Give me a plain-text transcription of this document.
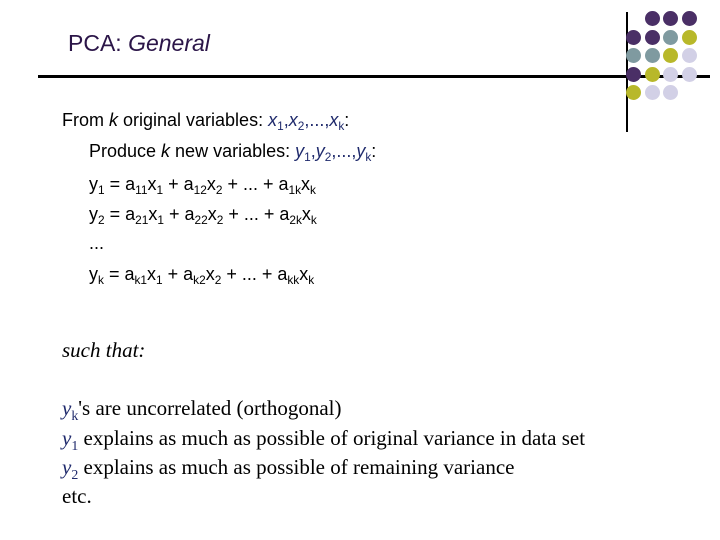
PCA: General
From k original variables: $x_1,x_2,...,x_k$:
Produce k new variables: $y_1,y_2,...,y_k$:
$y_1 = a_{11}x_1 + a_{12}x_2$ + ... + $a_{1k}x_k$
$y_2 = a_{21}x_1 + a_{22}x_2$ + ... + $a_{2k}x_k$
...
$y_k = a_{k1}x_1 + a_{k2}x_2$ + ... + $a_{kk}x_k$
such that:
$y_k's$ are uncorrelated (orthogonal)
$y_1$ explains as much as possible of original variance in data set
$y_2$ explains as much as possible of remaining variance
etc.
